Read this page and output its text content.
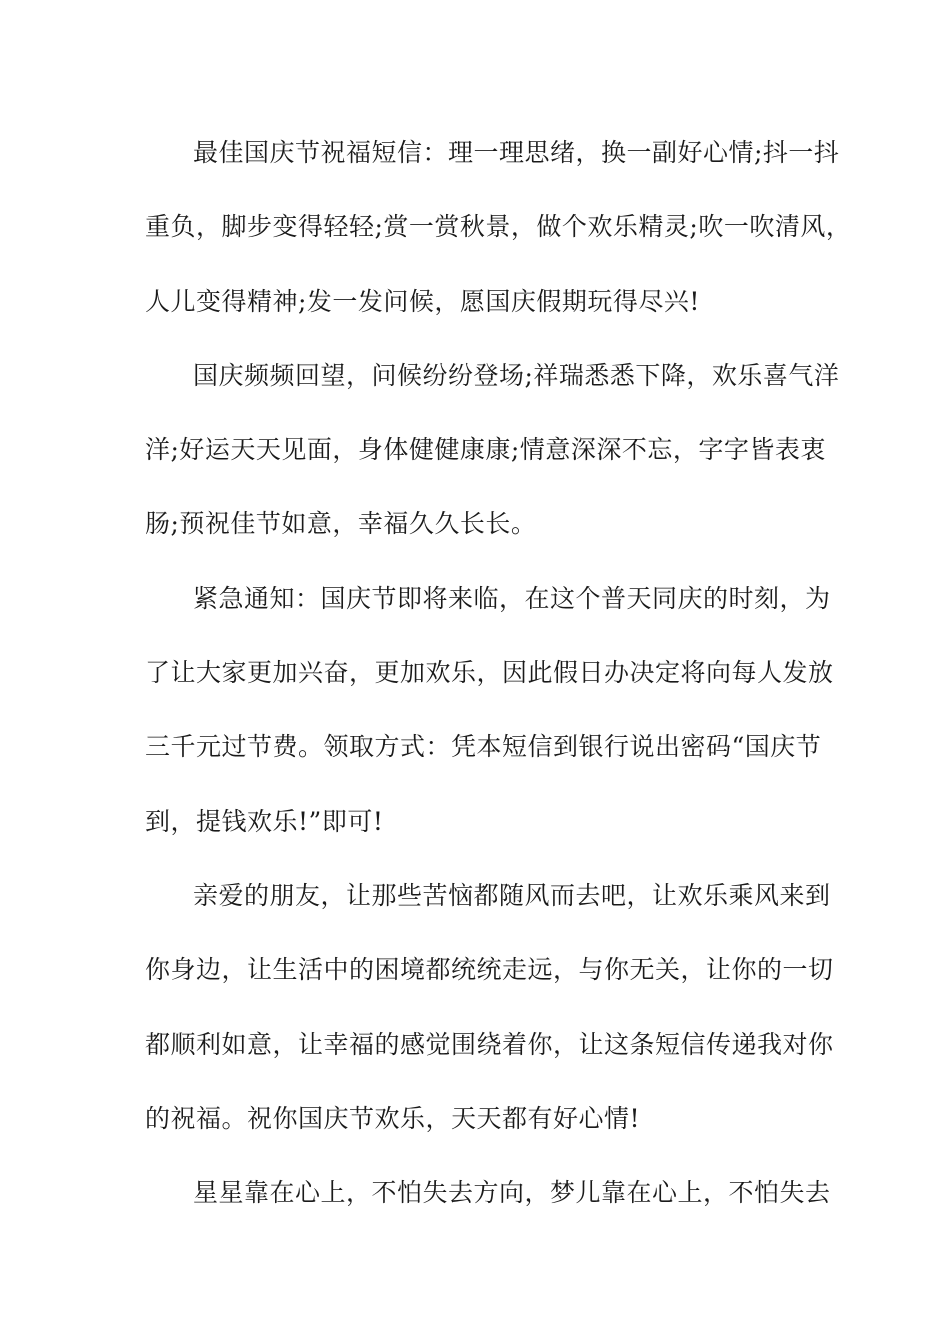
最佳国庆节祝福短信：理一理思绪，换一副好心情;抖一抖
重负，脚步变得轻轻;赏一赏秋景，做个欢乐精灵;吹一吹清风，
人儿变得精神;发一发问候，愿国庆假期玩得尽兴!
国庆频频回望，问候纷纷登场;祥瑞悉悉下降，欢乐喜气洋
洋;好运天天见面，身体健健康康;情意深深不忘，字字皆表衷
肠;预祝佳节如意，幸福久久长长。
紧急通知：国庆节即将来临，在这个普天同庆的时刻，为
了让大家更加兴奋，更加欢乐，因此假日办决定将向每人发放
三千元过节费。领取方式：凭本短信到银行说出密码“国庆节
到，提钱欢乐!”即可!
亲爱的朋友，让那些苦恼都随风而去吧，让欢乐乘风来到
你身边，让生活中的困境都统统走远，与你无关，让你的一切
都顺利如意，让幸福的感觉围绕着你，让这条短信传递我对你
的祝福。祝你国庆节欢乐，天天都有好心情!
星星靠在心上，不怕失去方向，梦儿靠在心上，不怕失去
